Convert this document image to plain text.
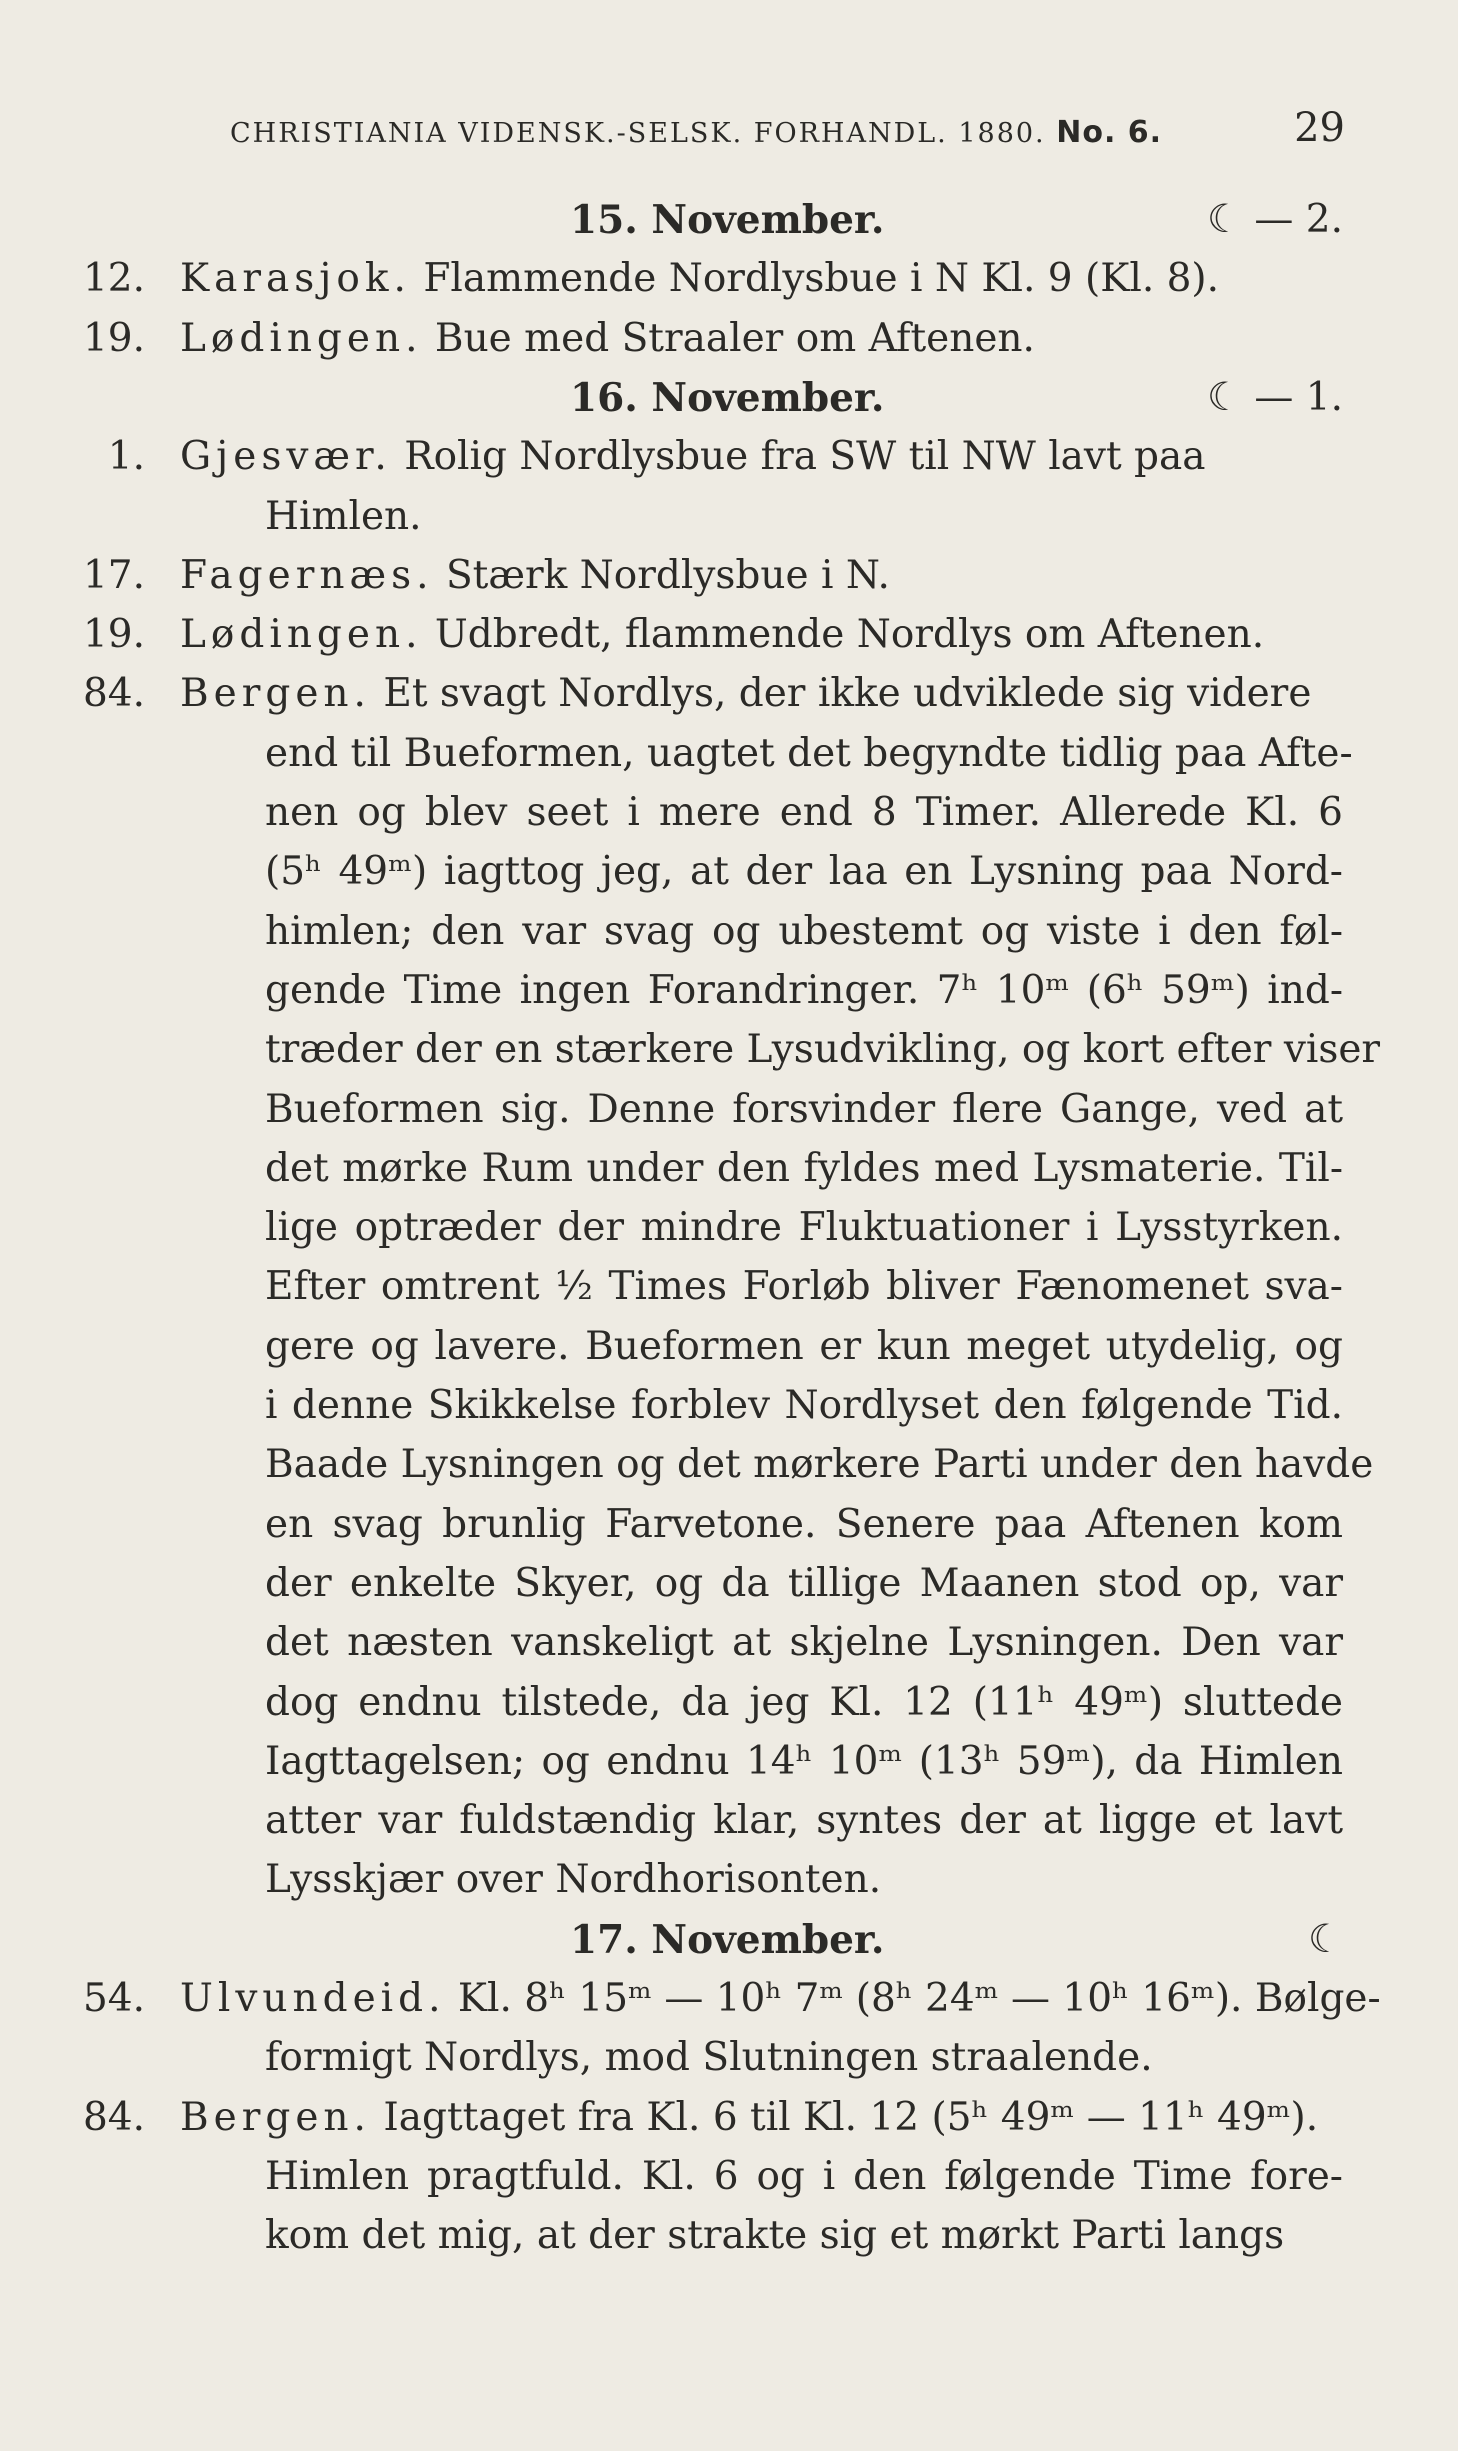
CHRISTIANIA VIDENSK.-SELSK. FORHANDL. 1880. No. 6.	29
15. November.	☾ — 2.
12. Karasjok. Flammende Nordlysbue i N Kl. 9 (Kl. 8).
19. Lødingen. Bue med Straaler om Aftenen.
16. November.	☾ — 1.
1. Gjesvær. Rolig Nordlysbue fra SW til NW lavt paa
Himlen.
17. Fagernæs. Stærk Nordlysbue i N.
19. Lødingen. Udbredt, flammende Nordlys om Aftenen.
84. Bergen. Et svagt Nordlys, der ikke udviklede sig videre
end til Bueformen, uagtet det begyndte tidlig paa Afte-
nen og blev seet i mere end 8 Timer. Allerede Kl. 6
(5ʰ 49ᵐ) iagttog jeg, at der laa en Lysning paa Nord-
himlen; den var svag og ubestemt og viste i den føl-
gende Time ingen Forandringer. 7ʰ 10ᵐ (6ʰ 59ᵐ) ind-
træder der en stærkere Lysudvikling, og kort efter viser
Bueformen sig. Denne forsvinder flere Gange, ved at
det mørke Rum under den fyldes med Lysmaterie. Til-
lige optræder der mindre Fluktuationer i Lysstyrken.
Efter omtrent ½ Times Forløb bliver Fænomenet sva-
gere og lavere. Bueformen er kun meget utydelig, og
i denne Skikkelse forblev Nordlyset den følgende Tid.
Baade Lysningen og det mørkere Parti under den havde
en svag brunlig Farvetone. Senere paa Aftenen kom
der enkelte Skyer, og da tillige Maanen stod op, var
det næsten vanskeligt at skjelne Lysningen. Den var
dog endnu tilstede, da jeg Kl. 12 (11ʰ 49ᵐ) sluttede
Iagttagelsen; og endnu 14ʰ 10ᵐ (13ʰ 59ᵐ), da Himlen
atter var fuldstændig klar, syntes der at ligge et lavt
Lysskjær over Nordhorisonten.
17. November.	☾
54. Ulvundeid. Kl. 8ʰ 15ᵐ — 10ʰ 7ᵐ (8ʰ 24ᵐ — 10ʰ 16ᵐ). Bølge-
formigt Nordlys, mod Slutningen straalende.
84. Bergen. Iagttaget fra Kl. 6 til Kl. 12 (5ʰ 49ᵐ — 11ʰ 49ᵐ).
Himlen pragtfuld. Kl. 6 og i den følgende Time fore-
kom det mig, at der strakte sig et mørkt Parti langs
